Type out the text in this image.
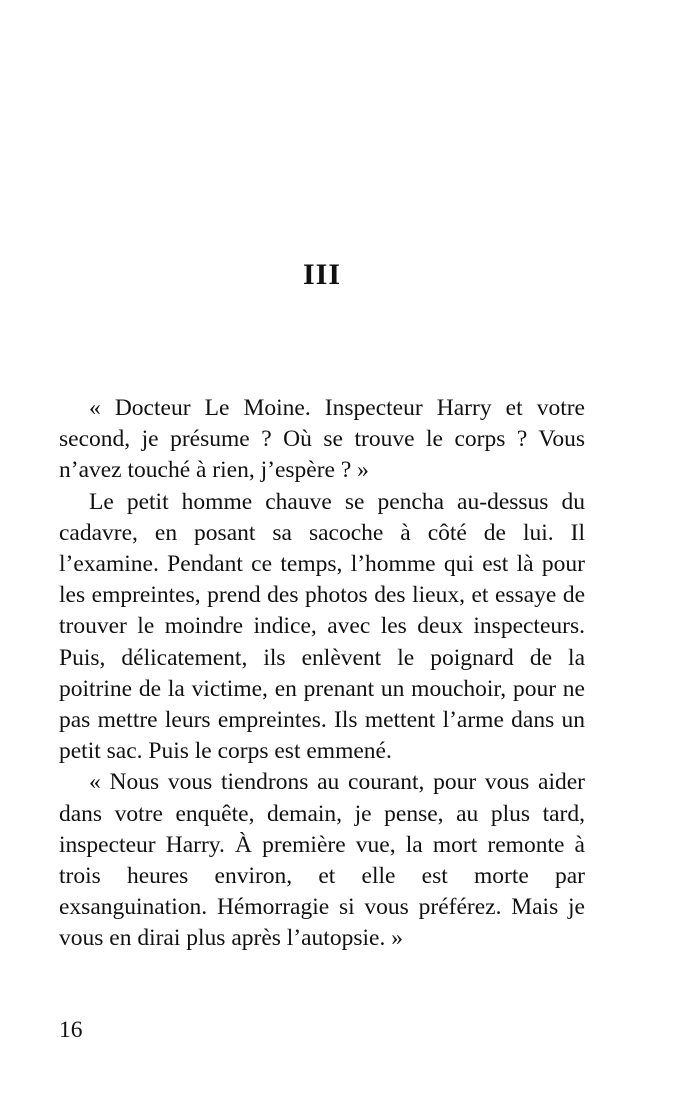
III

« Docteur Le Moine. Inspecteur Harry et votre second, je présume ? Où se trouve le corps ? Vous n’avez touché à rien, j’espère ? »

Le petit homme chauve se pencha au-dessus du cadavre, en posant sa sacoche à côté de lui. Il l’examine. Pendant ce temps, l’homme qui est là pour les empreintes, prend des photos des lieux, et essaye de trouver le moindre indice, avec les deux inspecteurs. Puis, délicatement, ils enlèvent le poignard de la poitrine de la victime, en prenant un mouchoir, pour ne pas mettre leurs empreintes. Ils mettent l’arme dans un petit sac. Puis le corps est emmené.

« Nous vous tiendrons au courant, pour vous aider dans votre enquête, demain, je pense, au plus tard, inspecteur Harry. À première vue, la mort remonte à trois heures environ, et elle est morte par exsanguination. Hémorragie si vous préférez. Mais je vous en dirai plus après l’autopsie. »

16
